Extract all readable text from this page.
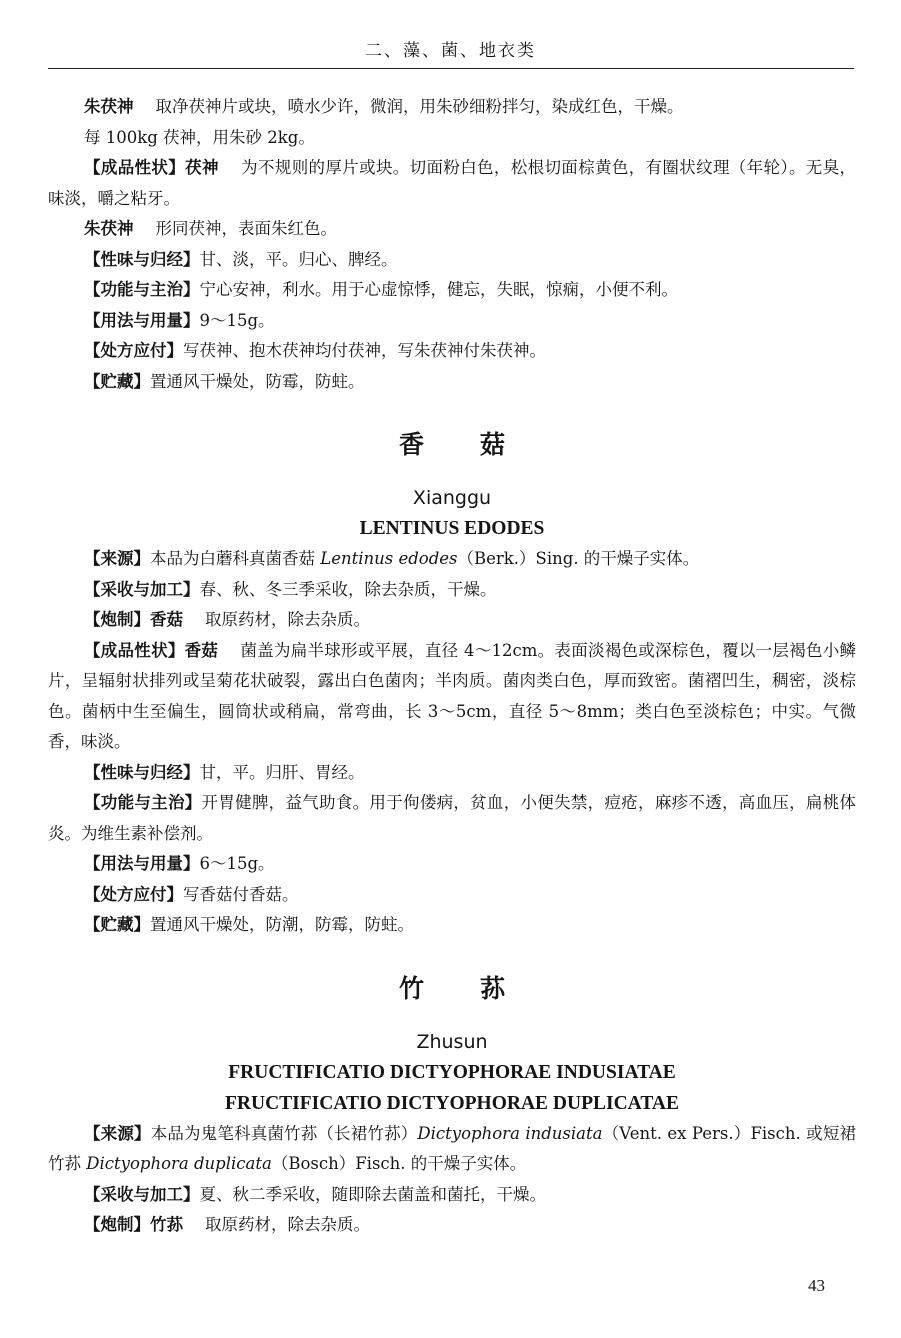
二、藻、菌、地衣类

朱茯神 取净茯神片或块，喷水少许，微润，用朱砂细粉拌匀，染成红色，干燥。

每 100kg 茯神，用朱砂 2kg。

【成品性状】茯神 为不规则的厚片或块。切面粉白色，松根切面棕黄色，有圈状纹理（年轮）。无臭，味淡，嚼之粘牙。

朱茯神 形同茯神，表面朱红色。

【性味与归经】甘、淡，平。归心、脾经。

【功能与主治】宁心安神，利水。用于心虚惊悸，健忘，失眠，惊痫，小便不利。

【用法与用量】9～15g。

【处方应付】写茯神、抱木茯神均付茯神，写朱茯神付朱茯神。

【贮藏】置通风干燥处，防霉，防蛀。

香菇
Xianggu
LENTINUS EDODES

【来源】本品为白蘑科真菌香菇 Lentinus edodes（Berk.）Sing. 的干燥子实体。

【采收与加工】春、秋、冬三季采收，除去杂质，干燥。

【炮制】香菇 取原药材，除去杂质。

【成品性状】香菇 菌盖为扁半球形或平展，直径 4～12cm。表面淡褐色或深棕色，覆以一层褐色小鳞片，呈辐射状排列或呈菊花状破裂，露出白色菌肉；半肉质。菌肉类白色，厚而致密。菌褶凹生，稠密，淡棕色。菌柄中生至偏生，圆筒状或稍扁，常弯曲，长 3～5cm，直径 5～8mm；类白色至淡棕色；中实。气微香，味淡。

【性味与归经】甘，平。归肝、胃经。

【功能与主治】开胃健脾，益气助食。用于佝偻病，贫血，小便失禁，痘疮，麻疹不透，高血压，扁桃体炎。为维生素补偿剂。

【用法与用量】6～15g。

【处方应付】写香菇付香菇。

【贮藏】置通风干燥处，防潮，防霉，防蛀。

竹荪
Zhusun
FRUCTIFICATIO DICTYOPHORAE INDUSIATAE
FRUCTIFICATIO DICTYOPHORAE DUPLICATAE

【来源】本品为鬼笔科真菌竹荪（长裙竹荪）Dictyophora indusiata（Vent. ex Pers.）Fisch. 或短裙竹荪 Dictyophora duplicata（Bosch）Fisch. 的干燥子实体。

【采收与加工】夏、秋二季采收，随即除去菌盖和菌托，干燥。

【炮制】竹荪 取原药材，除去杂质。

43
